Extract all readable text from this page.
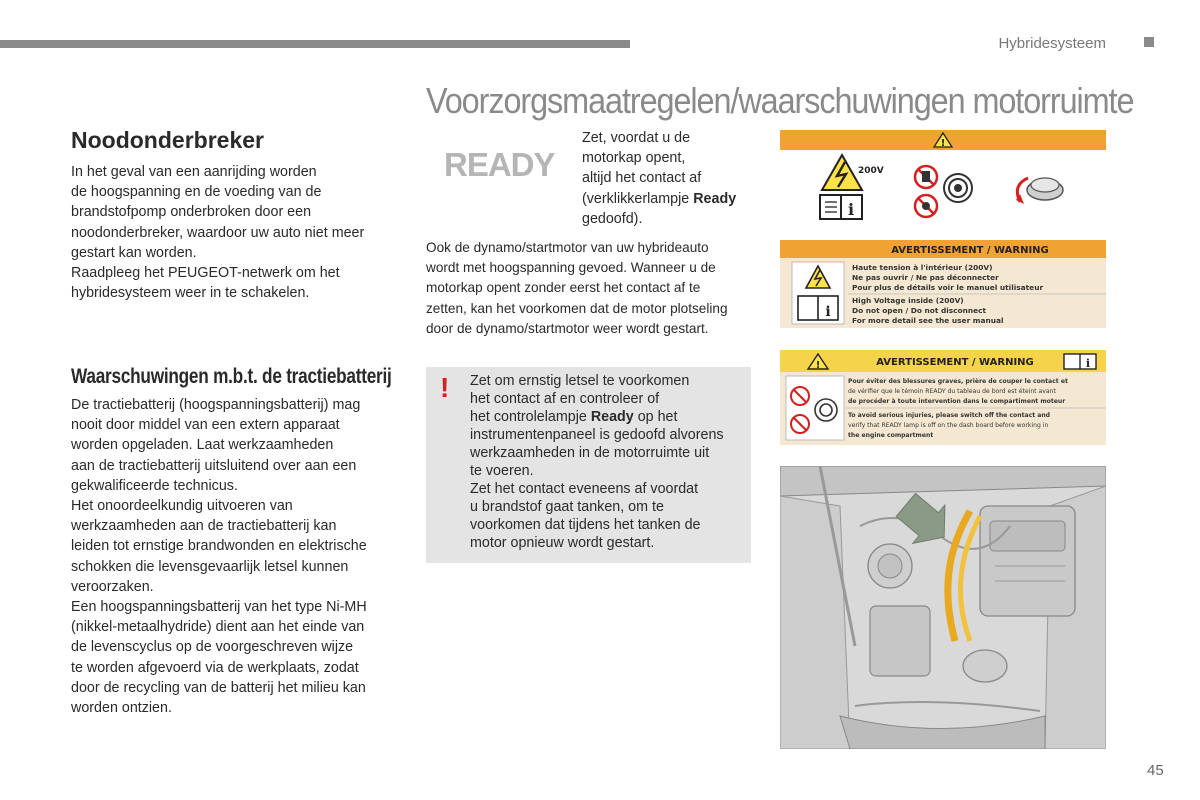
Hybridesysteem
Voorzorgsmaatregelen/waarschuwingen motorruimte
Noodonderbreker

In het geval van een aanrijding worden

de hoogspanning en de voeding van de

brandstofpomp onderbroken door een

noodonderbreker, waardoor uw auto niet meer

gestart kan worden.

Raadpleeg het PEUGEOT-netwerk om het

hybridesysteem weer in te schakelen.

Waarschuwingen m.b.t. de tractiebatterij

De tractiebatterij (hoogspanningsbatterij) mag

nooit door middel van een extern apparaat

worden opgeladen. Laat werkzaamheden

aan de tractiebatterij uitsluitend over aan een

gekwalificeerde technicus.

Het onoordeelkundig uitvoeren van

werkzaamheden aan de tractiebatterij kan

leiden tot ernstige brandwonden en elektrische

schokken die levensgevaarlijk letsel kunnen

veroorzaken.

Een hoogspanningsbatterij van het type Ni-MH

(nikkel-metaalhydride) dient aan het einde van

de levenscyclus op de voorgeschreven wijze

te worden afgevoerd via de werkplaats, zodat

door de recycling van de batterij het milieu kan

worden ontzien.

READY
Zet, voordat u de
motorkap opent,
altijd het contact af
(verklikkerlampje Ready
gedoofd).
Ook de dynamo/startmotor van uw hybrideauto
wordt met hoogspanning gevoed. Wanneer u de
motorkap opent zonder eerst het contact af te
zetten, kan het voorkomen dat de motor plotseling
door de dynamo/startmotor weer wordt gestart.
! Zet om ernstig letsel te voorkomen
het contact af en controleer of
het controlelampje Ready op het
instrumentenpaneel is gedoofd alvorens
werkzaamheden in de motorruimte uit
te voeren.
Zet het contact eveneens af voordat
u brandstof gaat tanken, om te
voorkomen dat tijdens het tanken de
motor opnieuw wordt gestart.
!
200V
i
AVERTISSEMENT / WARNING
i
Haute tension à l'intérieur (200V)
Ne pas ouvrir / Ne pas déconnecter
Pour plus de détails voir le manuel utilisateur
High Voltage inside (200V)
Do not open / Do not disconnect
For more detail see the user manual
!	AVERTISSEMENT / WARNING	i
Pour éviter des blessures graves, prière de couper le contact et
de vérifier que le témoin READY du tableau de bord est éteint avant
de procéder à toute intervention dans le compartiment moteur
To avoid serious injuries, please switch off the contact and
verify that READY lamp is off on the dash board before working in
the engine compartment
45
